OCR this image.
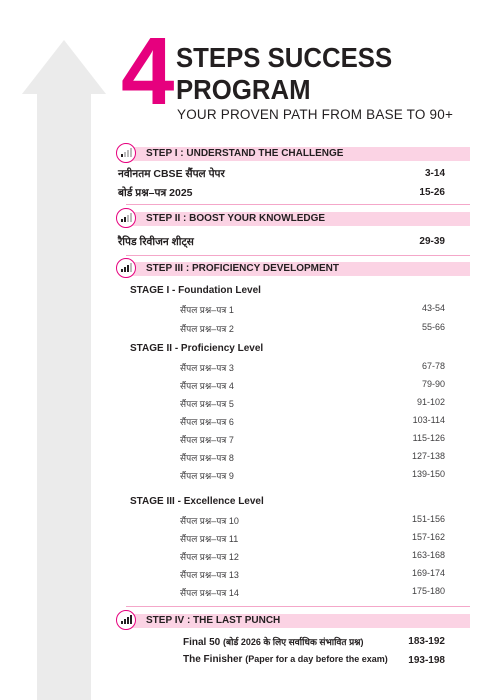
4 STEPS SUCCESS
PROGRAM
YOUR PROVEN PATH FROM BASE TO 90+
STEP I : UNDERSTAND THE CHALLENGE
नवीनतम CBSE सैंपल पेपर	3-14
बोर्ड प्रश्न–पत्र 2025	15-26
STEP II : BOOST YOUR KNOWLEDGE
रैपिड रिवीजन शीट्स	29-39
STEP III : PROFICIENCY DEVELOPMENT
STAGE I - Foundation Level
सैंपल प्रश्न–पत्र 1	43-54
सैंपल प्रश्न–पत्र 2	55-66
STAGE II - Proficiency Level
सैंपल प्रश्न–पत्र 3	67-78
सैंपल प्रश्न–पत्र 4	79-90
सैंपल प्रश्न–पत्र 5	91-102
सैंपल प्रश्न–पत्र 6	103-114
सैंपल प्रश्न–पत्र 7	115-126
सैंपल प्रश्न–पत्र 8	127-138
सैंपल प्रश्न–पत्र 9	139-150
STAGE III - Excellence Level
सैंपल प्रश्न–पत्र 10	151-156
सैंपल प्रश्न–पत्र 11	157-162
सैंपल प्रश्न–पत्र 12	163-168
सैंपल प्रश्न–पत्र 13	169-174
सैंपल प्रश्न–पत्र 14	175-180
STEP IV : THE LAST PUNCH
Final 50 (बोर्ड 2026 के लिए सर्वाधिक संभावित प्रश्न)	183-192
The Finisher (Paper for a day before the exam) 193-198
